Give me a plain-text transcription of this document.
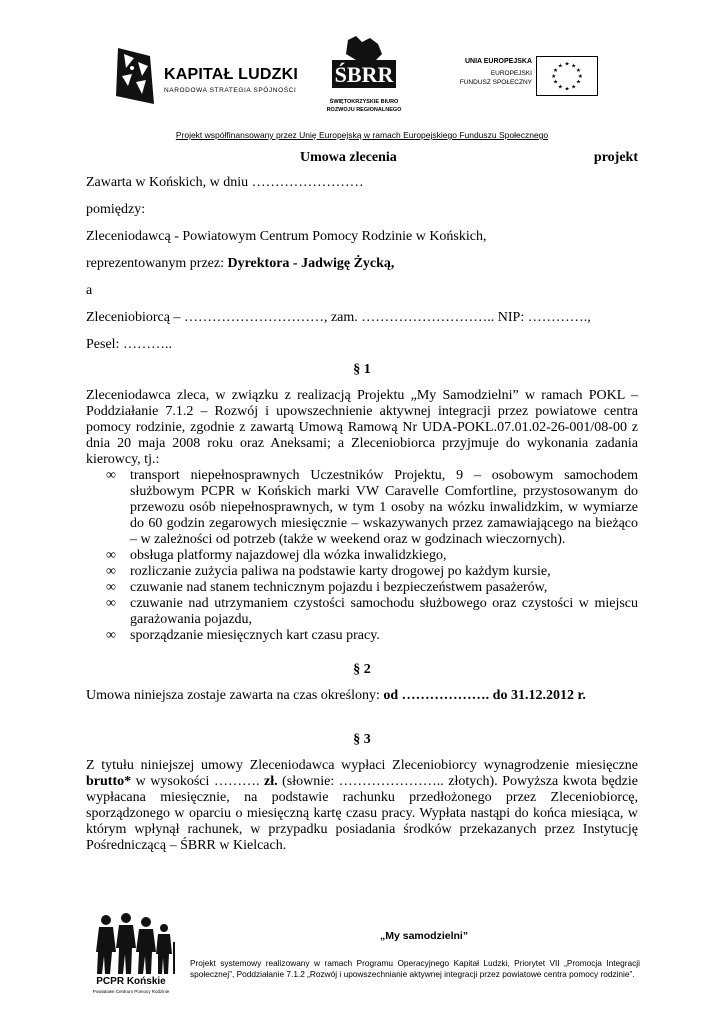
KAPITAŁ LUDZKI
NARODOWA STRATEGIA SPÓJNOŚCI
ŚBRR
ŚWIĘTOKRZYSKIE BIURO
ROZWOJU REGIONALNEGO
UNIA EUROPEJSKA
EUROPEJSKI
FUNDUSZ SPOŁECZNY
★ ★
★
★
★
★
★
★
★
★
★
★
Projekt współfinansowany przez Unię Europejską w ramach Europejskiego Funduszu Społecznego
Umowa zlecenia	projekt

Zawarta w Końskich, w dniu ……………………

pomiędzy:

Zleceniodawcą - Powiatowym Centrum Pomocy Rodzinie w Końskich,

reprezentowanym przez: Dyrektora - Jadwigę Życką,

a

Zleceniobiorcą – …………………………, zam. ……………………….. NIP: ………….,

Pesel: ………..

§ 1

Zleceniodawca zleca, w związku z realizacją Projektu „My Samodzielni” w ramach POKL – Poddziałanie 7.1.2 – Rozwój i upowszechnienie aktywnej integracji przez powiatowe centra pomocy rodzinie, zgodnie z zawartą Umową Ramową Nr UDA-POKL.07.01.02-26-001/08-00 z dnia 20 maja 2008 roku oraz Aneksami; a Zleceniobiorca przyjmuje do wykonania zadania kierowcy, tj.:

∞ transport niepełnosprawnych Uczestników Projektu, 9 – osobowym samochodem służbowym PCPR w Końskich marki VW Caravelle Comfortline, przystosowanym do przewozu osób niepełnosprawnych, w tym 1 osoby na wózku inwalidzkim, w wymiarze do 60 godzin zegarowych miesięcznie – wskazywanych przez zamawiającego na bieżąco – w zależności od potrzeb (także w weekend oraz w godzinach wieczornych).
∞ obsługa platformy najazdowej dla wózka inwalidzkiego,
∞ rozliczanie zużycia paliwa na podstawie karty drogowej po każdym kursie,
∞ czuwanie nad stanem technicznym pojazdu i bezpieczeństwem pasażerów,
∞ czuwanie nad utrzymaniem czystości samochodu służbowego oraz czystości w miejscu garażowania pojazdu,
∞ sporządzanie miesięcznych kart czasu pracy.

§ 2

Umowa niniejsza zostaje zawarta na czas określony: od ………………. do 31.12.2012 r.

§ 3

Z tytułu niniejszej umowy Zleceniodawca wypłaci Zleceniobiorcy wynagrodzenie miesięczne brutto* w wysokości ………. zł. (słownie: ………………….. złotych). Powyższa kwota będzie wypłacana miesięcznie, na podstawie rachunku przedłożonego przez Zleceniobiorcę, sporządzonego w oparciu o miesięczną kartę czasu pracy. Wypłata nastąpi do końca miesiąca, w którym wpłynął rachunek, w przypadku posiadania środków przekazanych przez Instytucję Pośredniczącą – ŚBRR w Kielcach.

PCPR Końskie
Powiatowe Centrum Pomocy Rodzinie
„My samodzielni”
Projekt systemowy realizowany w ramach Programu Operacyjnego Kapitał Ludzki, Priorytet VII „Promocja Integracji społecznej”, Poddziałanie 7.1.2 „Rozwój i upowszechnianie aktywnej integracji przez powiatowe centra pomocy rodzinie”.
